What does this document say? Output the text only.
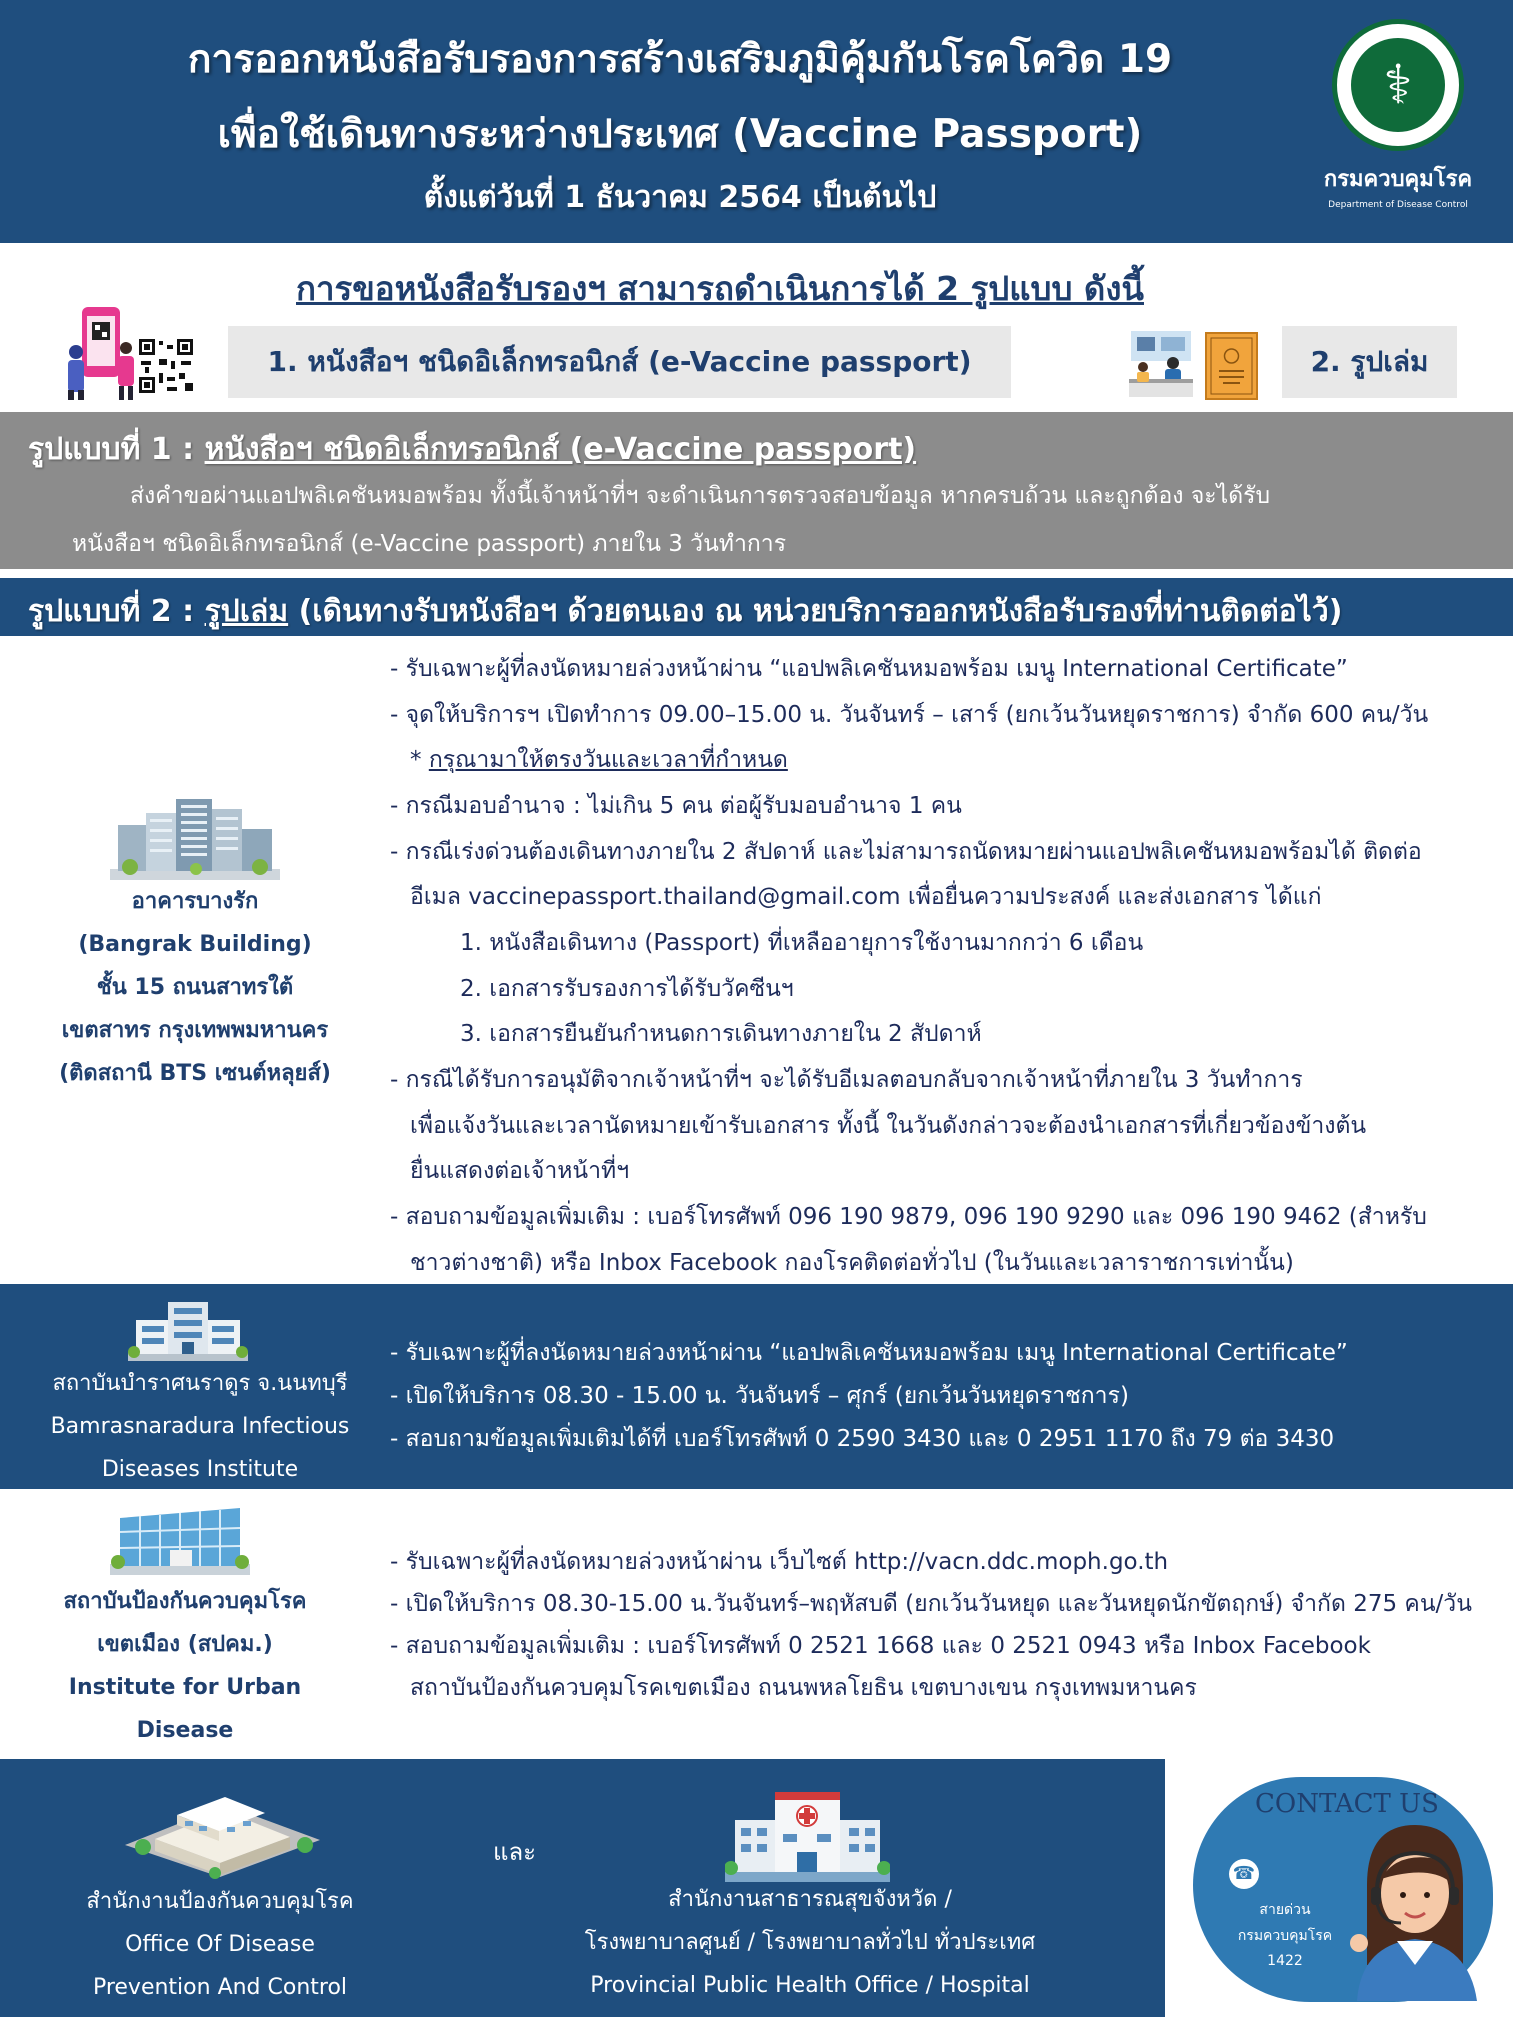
การออกหนังสือรับรองการสร้างเสริมภูมิคุ้มกันโรคโควิด 19
เพื่อใช้เดินทางระหว่างประเทศ (Vaccine Passport)
ตั้งแต่วันที่ 1 ธันวาคม 2564 เป็นต้นไป
⚕
กรมควบคุมโรค
Department of Disease Control
การขอหนังสือรับรองฯ สามารถดำเนินการได้ 2 รูปแบบ ดังนี้
1. หนังสือฯ ชนิดอิเล็กทรอนิกส์ (e-Vaccine passport)	2. รูปเล่ม
รูปแบบที่ 1 : หนังสือฯ ชนิดอิเล็กทรอนิกส์ (e-Vaccine passport)
ส่งคำขอผ่านแอปพลิเคชันหมอพร้อม ทั้งนี้เจ้าหน้าที่ฯ จะดำเนินการตรวจสอบข้อมูล หากครบถ้วน และถูกต้อง จะได้รับ
หนังสือฯ ชนิดอิเล็กทรอนิกส์ (e-Vaccine passport) ภายใน 3 วันทำการ
รูปแบบที่ 2 : รูปเล่ม (เดินทางรับหนังสือฯ ด้วยตนเอง ณ หน่วยบริการออกหนังสือรับรองที่ท่านติดต่อไว้)
อาคารบางรัก
(Bangrak Building)
ชั้น 15 ถนนสาทรใต้
เขตสาทร กรุงเทพพมหานคร
(ติดสถานี BTS เซนต์หลุยส์)
- รับเฉพาะผู้ที่ลงนัดหมายล่วงหน้าผ่าน “แอปพลิเคชันหมอพร้อม เมนู International Certificate”
- จุดให้บริการฯ เปิดทำการ 09.00–15.00 น. วันจันทร์ – เสาร์ (ยกเว้นวันหยุดราชการ) จำกัด 600 คน/วัน
* กรุณามาให้ตรงวันและเวลาที่กำหนด
- กรณีมอบอำนาจ : ไม่เกิน 5 คน ต่อผู้รับมอบอำนาจ 1 คน
- กรณีเร่งด่วนต้องเดินทางภายใน 2 สัปดาห์ และไม่สามารถนัดหมายผ่านแอปพลิเคชันหมอพร้อมได้ ติดต่อ
อีเมล vaccinepassport.thailand@gmail.com เพื่อยื่นความประสงค์ และส่งเอกสาร ได้แก่
1. หนังสือเดินทาง (Passport) ที่เหลืออายุการใช้งานมากกว่า 6 เดือน
2. เอกสารรับรองการได้รับวัคซีนฯ
3. เอกสารยืนยันกำหนดการเดินทางภายใน 2 สัปดาห์
- กรณีได้รับการอนุมัติจากเจ้าหน้าที่ฯ จะได้รับอีเมลตอบกลับจากเจ้าหน้าที่ภายใน 3 วันทำการ
เพื่อแจ้งวันและเวลานัดหมายเข้ารับเอกสาร ทั้งนี้ ในวันดังกล่าวจะต้องนำเอกสารที่เกี่ยวข้องข้างต้น
ยื่นแสดงต่อเจ้าหน้าที่ฯ
- สอบถามข้อมูลเพิ่มเติม : เบอร์โทรศัพท์ 096 190 9879, 096 190 9290 และ 096 190 9462 (สำหรับ
ชาวต่างชาติ) หรือ Inbox Facebook กองโรคติดต่อทั่วไป (ในวันและเวลาราชการเท่านั้น)
สถาบันบำราศนราดูร จ.นนทบุรี
Bamrasnaradura Infectious
Diseases Institute
- รับเฉพาะผู้ที่ลงนัดหมายล่วงหน้าผ่าน “แอปพลิเคชันหมอพร้อม เมนู International Certificate”
- เปิดให้บริการ 08.30 - 15.00 น. วันจันทร์ – ศุกร์ (ยกเว้นวันหยุดราชการ)
- สอบถามข้อมูลเพิ่มเติมได้ที่ เบอร์โทรศัพท์ 0 2590 3430 และ 0 2951 1170 ถึง 79 ต่อ 3430
สถาบันป้องกันควบคุมโรค
เขตเมือง (สปคม.)
Institute for Urban Disease
- รับเฉพาะผู้ที่ลงนัดหมายล่วงหน้าผ่าน เว็บไซต์ http://vacn.ddc.moph.go.th
- เปิดให้บริการ 08.30-15.00 น.วันจันทร์–พฤหัสบดี (ยกเว้นวันหยุด และวันหยุดนักขัตฤกษ์) จำกัด 275 คน/วัน
- สอบถามข้อมูลเพิ่มเติม : เบอร์โทรศัพท์ 0 2521 1668 และ 0 2521 0943 หรือ Inbox Facebook
สถาบันป้องกันควบคุมโรคเขตเมือง ถนนพหลโยธิน เขตบางเขน กรุงเทพมหานคร
สำนักงานป้องกันควบคุมโรค
Office Of Disease
Prevention And Control
และ
สำนักงานสาธารณสุขจังหวัด /
โรงพยาบาลศูนย์ / โรงพยาบาลทั่วไป ทั่วประเทศ
Provincial Public Health Office / Hospital
CONTACT US
☎
สายด่วน
กรมควบคุมโรค
1422
